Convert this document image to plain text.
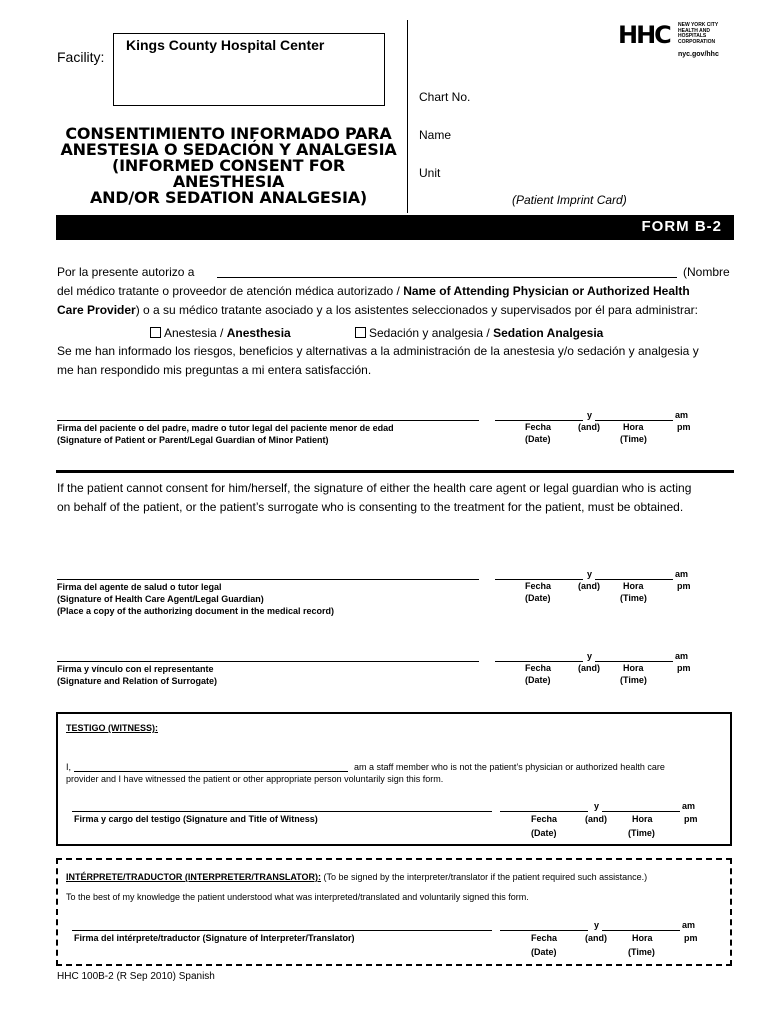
Facility:
Kings County Hospital Center	HHC NEW YORK CITY
HEALTH AND
HOSPITALS
CORPORATION
nyc.gov/hhc
Chart No.
Name
Unit
(Patient Imprint Card)
CONSENTIMIENTO INFORMADO PARA
ANESTESIA O SEDACIÓN Y ANALGESIA
(INFORMED CONSENT FOR ANESTHESIA
AND/OR SEDATION ANALGESIA)
FORM B-2
Por la presente autorizo a	(Nombre
del médico tratante o proveedor de atención médica autorizado / Name of Attending Physician or Authorized Health
Care Provider) o a su médico tratante asociado y a los asistentes seleccionados y supervisados por él para administrar:
Anestesia / Anesthesia	Sedación y analgesia / Sedation Analgesia
Se me han informado los riesgos, beneficios y alternativas a la administración de la anestesia y/o sedación y analgesia y
me han respondido mis preguntas a mi entera satisfacción.
Firma del paciente o del padre, madre o tutor legal del paciente menor de edad
(Signature of Patient or Parent/Legal Guardian of Minor Patient)
y	am
Fecha
(Date)
(and)	Hora
(Time)
pm
If the patient cannot consent for him/herself, the signature of either the health care agent or legal guardian who is acting
on behalf of the patient, or the patient’s surrogate who is consenting to the treatment for the patient, must be obtained.
Firma del agente de salud o tutor legal
(Signature of Health Care Agent/Legal Guardian)
(Place a copy of the authorizing document in the medical record)
y	am
Fecha
(Date)
(and)	Hora
(Time)
pm
Firma y vínculo con el representante
(Signature and Relation of Surrogate)
y	am
Fecha
(Date)
(and)	Hora
(Time)
pm
TESTIGO (WITNESS):
I,	am a staff member who is not the patient’s physician or authorized health care
provider and I have witnessed the patient or other appropriate person voluntarily sign this form.
Firma y cargo del testigo (Signature and Title of Witness)
y	am
Fecha
(Date)
(and)	Hora
(Time)
pm
INTÉRPRETE/TRADUCTOR (INTERPRETER/TRANSLATOR): (To be signed by the interpreter/translator if the patient required such assistance.)
To the best of my knowledge the patient understood what was interpreted/translated and voluntarily signed this form.
Firma del intérprete/traductor (Signature of Interpreter/Translator)
y	am
Fecha
(Date)
(and)	Hora
(Time)
pm
HHC 100B-2 (R Sep 2010) Spanish
